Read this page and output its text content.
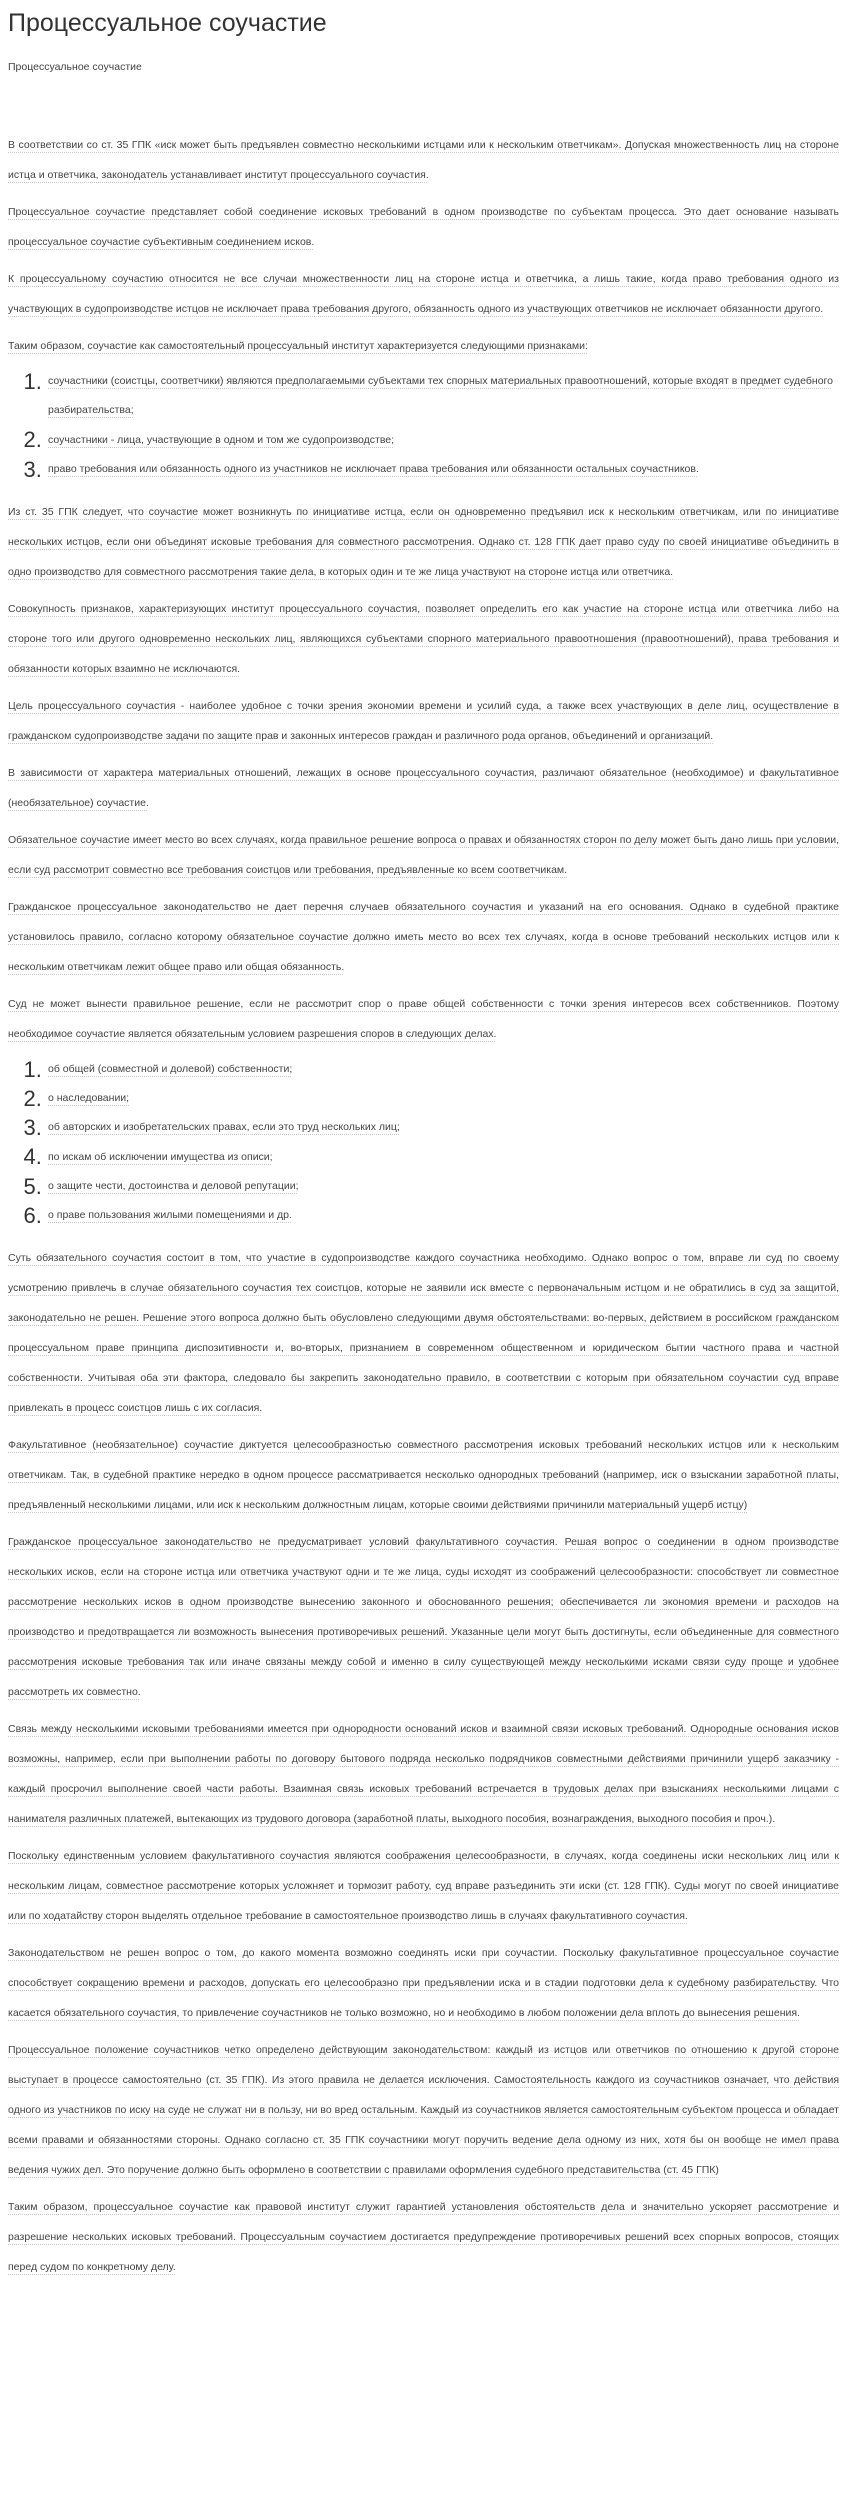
Процессуальное соучастие
Процессуальное соучастие

В соответствии со ст. 35 ГПК «иск может быть предъявлен совместно несколькими истцами или к нескольким ответчикам». Допуская множественность лиц на стороне истца и ответчика, законодатель устанавливает институт процессуального соучастия.

Процессуальное соучастие представляет собой соединение исковых требований в одном производстве по субъектам процесса. Это дает основание называть процессуальное соучастие субъективным соединением исков.

К процессуальному соучастию относится не все случаи множественности лиц на стороне истца и ответчика, а лишь такие, когда право требования одного из участвующих в судопроизводстве истцов не исключает права требования другого, обязанность одного из участвующих ответчиков не исключает обязанности другого.

Таким образом, соучастие как самостоятельный процессуальный институт характеризуется следующими признаками:

1. соучастники (соистцы, соответчики) являются предполагаемыми субъектами тех спорных материальных правоотношений, которые входят в предмет судебного разбирательства;
2. соучастники - лица, участвующие в одном и том же судопроизводстве;
3. право требования или обязанность одного из участников не исключает права требования или обязанности остальных соучастников.

Из ст. 35 ГПК следует, что соучастие может возникнуть по инициативе истца, если он одновременно предъявил иск к нескольким ответчикам, или по инициативе нескольких истцов, если они объединят исковые требования для совместного рассмотрения. Однако ст. 128 ГПК дает право суду по своей инициативе объединить в одно производство для совместного рассмотрения такие дела, в которых один и те же лица участвуют на стороне истца или ответчика.

Совокупность признаков, характеризующих институт процессуального соучастия, позволяет определить его как участие на стороне истца или ответчика либо на стороне того или другого одновременно нескольких лиц, являющихся субъектами спорного материального правоотношения (правоотношений), права требования и обязанности которых взаимно не исключаются.

Цель процессуального соучастия - наиболее удобное с точки зрения экономии времени и усилий суда, а также всех участвующих в деле лиц, осуществление в гражданском судопроизводстве задачи по защите прав и законных интересов граждан и различного рода органов, объединений и организаций.

В зависимости от характера материальных отношений, лежащих в основе процессуального соучастия, различают обязательное (необходимое) и факультативное (необязательное) соучастие.

Обязательное соучастие имеет место во всех случаях, когда правильное решение вопроса о правах и обязанностях сторон по делу может быть дано лишь при условии, если суд рассмотрит совместно все требования соистцов или требования, предъявленные ко всем соответчикам.

Гражданское процессуальное законодательство не дает перечня случаев обязательного соучастия и указаний на его основания. Однако в судебной практике установилось правило, согласно которому обязательное соучастие должно иметь место во всех тех случаях, когда в основе требований нескольких истцов или к нескольким ответчикам лежит общее право или общая обязанность.

Суд не может вынести правильное решение, если не рассмотрит спор о праве общей собственности с точки зрения интересов всех собственников. Поэтому необходимое соучастие является обязательным условием разрешения споров в следующих делах.

1. об общей (совместной и долевой) собственности;
2. о наследовании;
3. об авторских и изобретательских правах, если это труд нескольких лиц;
4. по искам об исключении имущества из описи;
5. о защите чести, достоинства и деловой репутации;
6. о праве пользования жилыми помещениями и др.

Суть обязательного соучастия состоит в том, что участие в судопроизводстве каждого соучастника необходимо. Однако вопрос о том, вправе ли суд по своему усмотрению привлечь в случае обязательного соучастия тех соистцов, которые не заявили иск вместе с первоначальным истцом и не обратились в суд за защитой, законодательно не решен. Решение этого вопроса должно быть обусловлено следующими двумя обстоятельствами: во-первых, действием в российском гражданском процессуальном праве принципа диспозитивности и, во-вторых, признанием в современном общественном и юридическом бытии частного права и частной собственности. Учитывая оба эти фактора, следовало бы закрепить законодательно правило, в соответствии с которым при обязательном соучастии суд вправе привлекать в процесс соистцов лишь с их согласия.

Факультативное (необязательное) соучастие диктуется целесообразностью совместного рассмотрения исковых требований нескольких истцов или к нескольким ответчикам. Так, в судебной практике нередко в одном процессе рассматривается несколько однородных требований (например, иск о взыскании заработной платы, предъявленный несколькими лицами, или иск к нескольким должностным лицам, которые своими действиями причинили материальный ущерб истцу)

Гражданское процессуальное законодательство не предусматривает условий факультативного соучастия. Решая вопрос о соединении в одном производстве нескольких исков, если на стороне истца или ответчика участвуют одни и те же лица, суды исходят из соображений целесообразности: способствует ли совместное рассмотрение нескольких исков в одном производстве вынесению законного и обоснованного решения; обеспечивается ли экономия времени и расходов на производство и предотвращается ли возможность вынесения противоречивых решений. Указанные цели могут быть достигнуты, если объединенные для совместного рассмотрения исковые требования так или иначе связаны между собой и именно в силу существующей между несколькими исками связи суду проще и удобнее рассмотреть их совместно.

Связь между несколькими исковыми требованиями имеется при однородности оснований исков и взаимной связи исковых требований. Однородные основания исков возможны, например, если при выполнении работы по договору бытового подряда несколько подрядчиков совместными действиями причинили ущерб заказчику - каждый просрочил выполнение своей части работы. Взаимная связь исковых требований встречается в трудовых делах при взысканиях несколькими лицами с нанимателя различных платежей, вытекающих из трудового договора (заработной платы, выходного пособия, вознаграждения, выходного пособия и проч.).

Поскольку единственным условием факультативного соучастия являются соображения целесообразности, в случаях, когда соединены иски нескольких лиц или к нескольким лицам, совместное рассмотрение которых усложняет и тормозит работу, суд вправе разъединить эти иски (ст. 128 ГПК). Суды могут по своей инициативе или по ходатайству сторон выделять отдельное требование в самостоятельное производство лишь в случаях факультативного соучастия.

Законодательством не решен вопрос о том, до какого момента возможно соединять иски при соучастии. Поскольку факультативное процессуальное соучастие способствует сокращению времени и расходов, допускать его целесообразно при предъявлении иска и в стадии подготовки дела к судебному разбирательству. Что касается обязательного соучастия, то привлечение соучастников не только возможно, но и необходимо в любом положении дела вплоть до вынесения решения.

Процессуальное положение соучастников четко определено действующим законодательством: каждый из истцов или ответчиков по отношению к другой стороне выступает в процессе самостоятельно (ст. 35 ГПК). Из этого правила не делается исключения. Самостоятельность каждого из соучастников означает, что действия одного из участников по иску на суде не служат ни в пользу, ни во вред остальным. Каждый из соучастников является самостоятельным субъектом процесса и обладает всеми правами и обязанностями стороны. Однако согласно ст. 35 ГПК соучастники могут поручить ведение дела одному из них, хотя бы он вообще не имел права ведения чужих дел. Это поручение должно быть оформлено в соответствии с правилами оформления судебного представительства (ст. 45 ГПК)

Таким образом, процессуальное соучастие как правовой институт служит гарантией установления обстоятельств дела и значительно ускоряет рассмотрение и разрешение нескольких исковых требований. Процессуальным соучастием достигается предупреждение противоречивых решений всех спорных вопросов, стоящих перед судом по конкретному делу.
